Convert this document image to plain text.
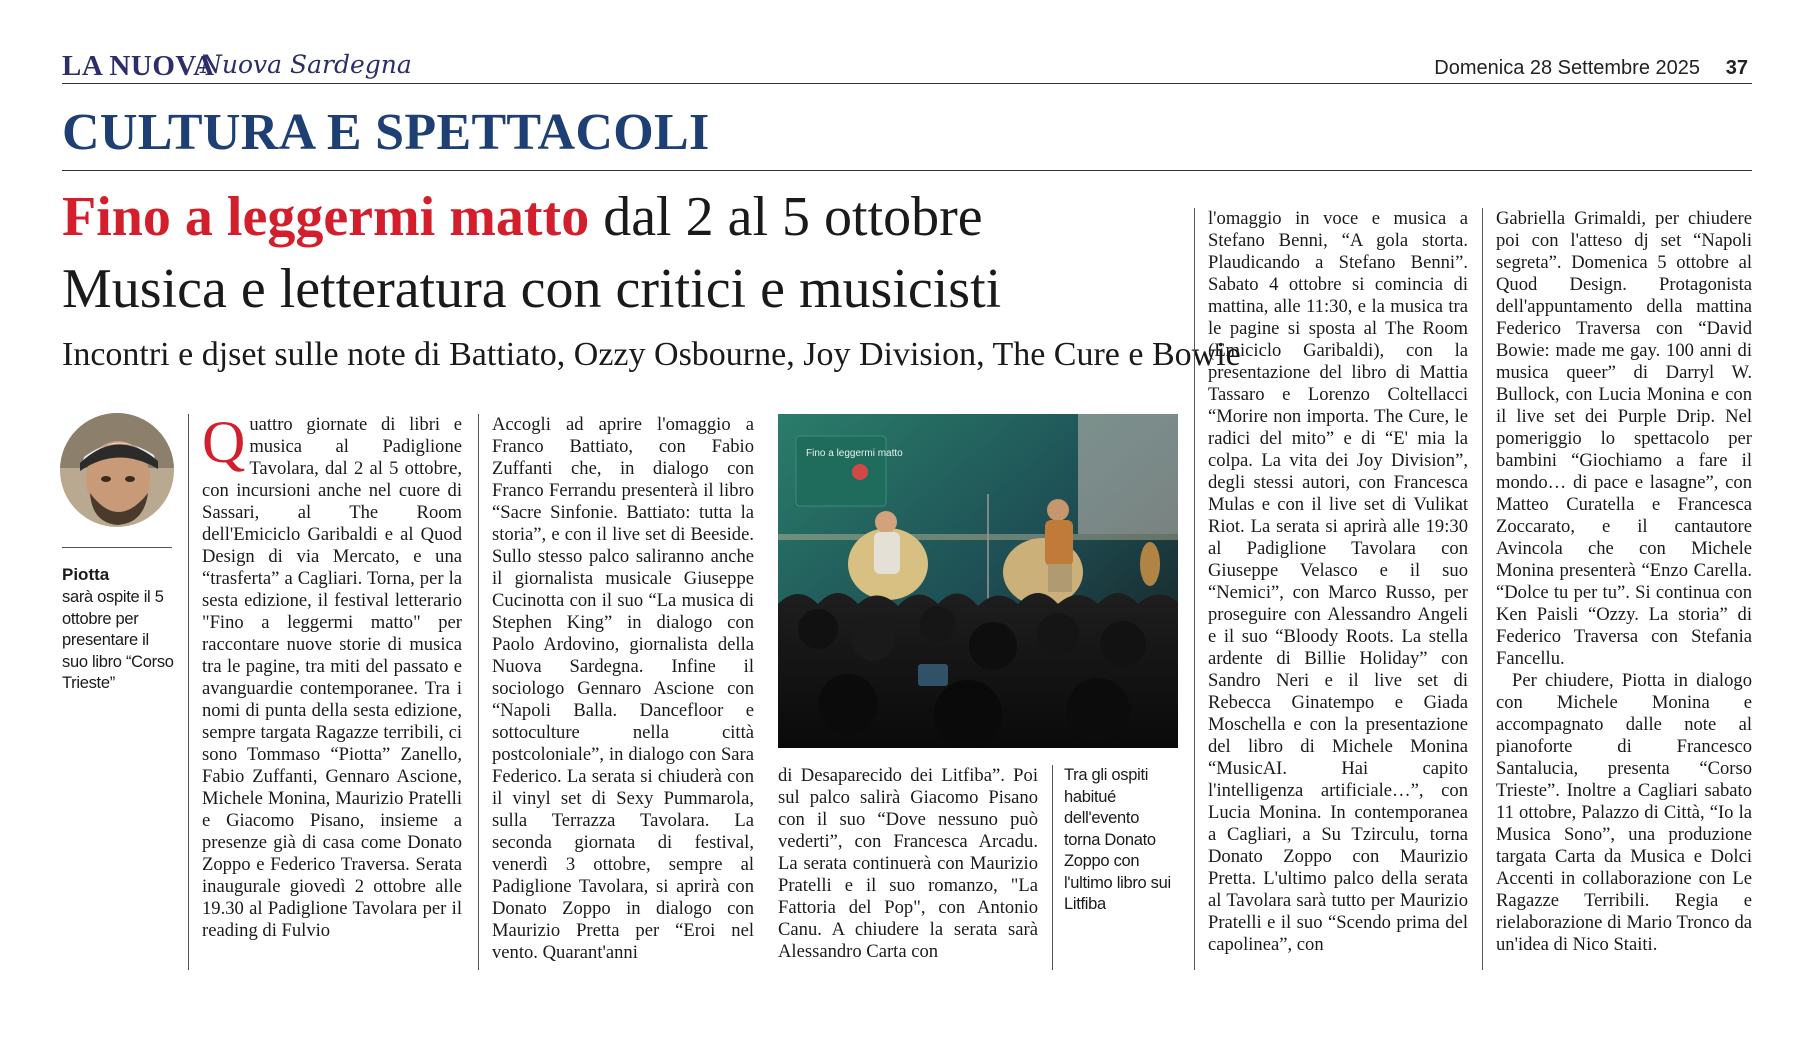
LA NUOVA
Nuova Sardegna	Domenica 28 Settembre 2025 37
CULTURA E SPETTACOLI
Fino a leggermi matto dal 2 al 5 ottobre
Musica e letteratura con critici e musicisti
Incontri e djset sulle note di Battiato, Ozzy Osbourne, Joy Division, The Cure e Bowie
Piotta
sarà ospite il 5 ottobre per presentare il suo libro “Corso Trieste”
Quattro giornate di libri e musica al Padiglione Tavolara, dal 2 al 5 ottobre, con incursioni anche nel cuore di Sassari, al The Room dell'Emiciclo Garibaldi e al Quod Design di via Mercato, e una “trasferta” a Cagliari. Torna, per la sesta edizione, il festival letterario "Fino a leggermi matto" per raccontare nuove storie di musica tra le pagine, tra miti del passato e avanguardie contemporanee. Tra i nomi di punta della sesta edizione, sempre targata Ragazze terribili, ci sono Tommaso “Piotta” Zanello, Fabio Zuffanti, Gennaro Ascione, Michele Monina, Maurizio Pratelli e Giacomo Pisano, insieme a presenze già di casa come Donato Zoppo e Federico Traversa. Serata inaugurale giovedì 2 ottobre alle 19.30 al Padiglione Tavolara per il reading di Fulvio
Accogli ad aprire l'omaggio a Franco Battiato, con Fabio Zuffanti che, in dialogo con Franco Ferrandu presenterà il libro “Sacre Sinfonie. Battiato: tutta la storia”, e con il live set di Beeside. Sullo stesso palco saliranno anche il giornalista musicale Giuseppe Cucinotta con il suo “La musica di Stephen King” in dialogo con Paolo Ardovino, giornalista della Nuova Sardegna. Infine il sociologo Gennaro Ascione con “Napoli Balla. Dancefloor e sottoculture nella città postcoloniale”, in dialogo con Sara Federico. La serata si chiuderà con il vinyl set di Sexy Pummarola, sulla Terrazza Tavolara. La seconda giornata di festival, venerdì 3 ottobre, sempre al Padiglione Tavolara, si aprirà con Donato Zoppo in dialogo con Maurizio Pretta per “Eroi nel vento. Quarant'anni
di Desaparecido dei Litfiba”. Poi sul palco salirà Giacomo Pisano con il suo “Dove nessuno può vederti”, con Francesca Arcadu. La serata continuerà con Maurizio Pratelli e il suo romanzo, "La Fattoria del Pop", con Antonio Canu. A chiudere la serata sarà Alessandro Carta con
l'omaggio in voce e musica a Stefano Benni, “A gola storta. Plaudicando a Stefano Benni”. Sabato 4 ottobre si comincia di mattina, alle 11:30, e la musica tra le pagine si sposta al The Room (Emiciclo Garibaldi), con la presentazione del libro di Mattia Tassaro e Lorenzo Coltellacci “Morire non importa. The Cure, le radici del mito” e di “E' mia la colpa. La vita dei Joy Division”, degli stessi autori, con Francesca Mulas e con il live set di Vulikat Riot. La serata si aprirà alle 19:30 al Padiglione Tavolara con Giuseppe Velasco e il suo “Nemici”, con Marco Russo, per proseguire con Alessandro Angeli e il suo “Bloody Roots. La stella ardente di Billie Holiday” con Sandro Neri e il live set di Rebecca Ginatempo e Giada Moschella e con la presentazione del libro di Michele Monina “MusicAI. Hai capito l'intelligenza artificiale…”, con Lucia Monina. In contemporanea a Cagliari, a Su Tzirculu, torna Donato Zoppo con Maurizio Pretta. L'ultimo palco della serata al Tavolara sarà tutto per Maurizio Pratelli e il suo “Scendo prima del capolinea”, con
Gabriella Grimaldi, per chiudere poi con l'atteso dj set “Napoli segreta”. Domenica 5 ottobre al Quod Design. Protagonista dell'appuntamento della mattina Federico Traversa con “David Bowie: made me gay. 100 anni di musica queer” di Darryl W. Bullock, con Lucia Monina e con il live set dei Purple Drip. Nel pomeriggio lo spettacolo per bambini “Giochiamo a fare il mondo… di pace e lasagne”, con Matteo Curatella e Francesca Zoccarato, e il cantautore Avincola che con Michele Monina presenterà “Enzo Carella. “Dolce tu per tu”. Si continua con Ken Paisli “Ozzy. La storia” di Federico Traversa con Stefania Fancellu.
Per chiudere, Piotta in dialogo con Michele Monina e accompagnato dalle note al pianoforte di Francesco Santalucia, presenta “Corso Trieste”. Inoltre a Cagliari sabato 11 ottobre, Palazzo di Città, “Io la Musica Sono”, una produzione targata Carta da Musica e Dolci Accenti in collaborazione con Le Ragazze Terribili. Regia e rielaborazione di Mario Tronco da un'idea di Nico Staiti.
Fino a leggermi matto
Tra gli ospiti habitué dell'evento torna Donato Zoppo con l'ultimo libro sui Litfiba
